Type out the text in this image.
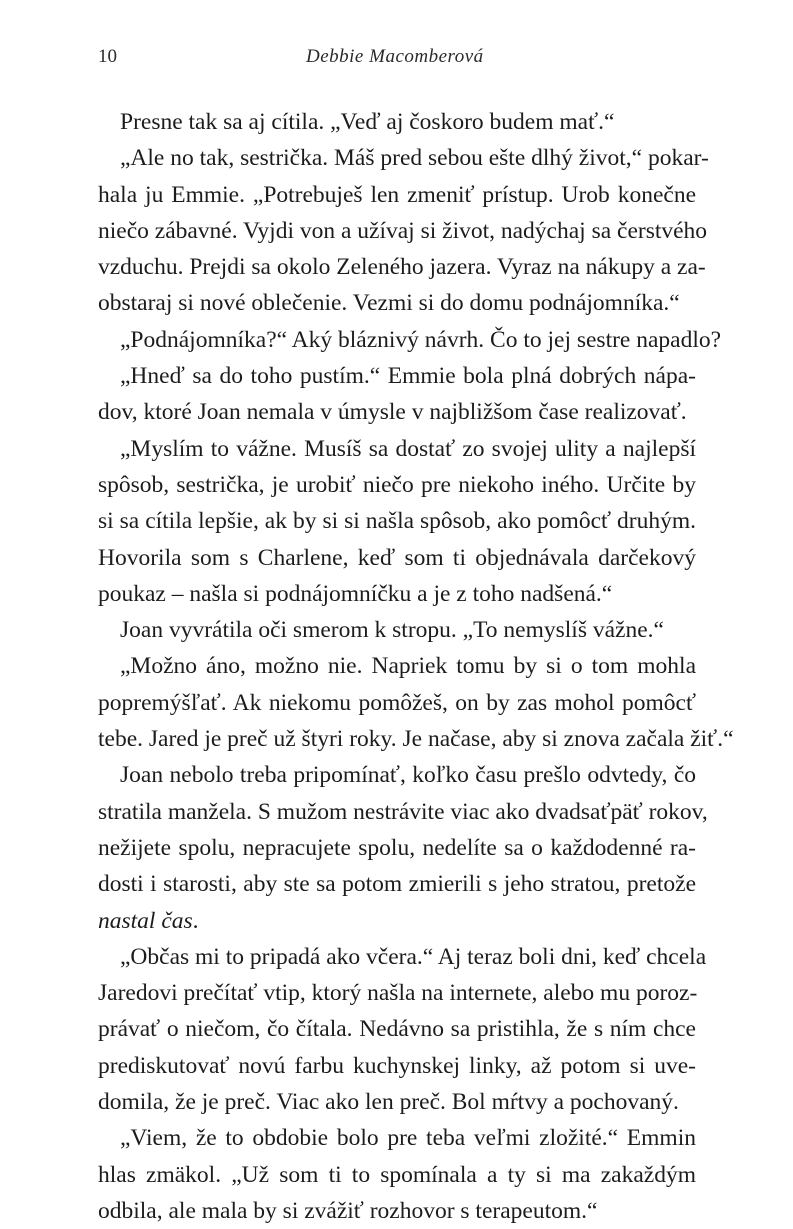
10	Debbie Macomberová
Presne tak sa aj cítila. „Veď aj čoskoro budem mať.“
„Ale no tak, sestrička. Máš pred sebou ešte dlhý život,“ pokar-
hala ju Emmie. „Potrebuješ len zmeniť prístup. Urob konečne
niečo zábavné. Vyjdi von a užívaj si život, nadýchaj sa čerstvého
vzduchu. Prejdi sa okolo Zeleného jazera. Vyraz na nákupy a za-
obstaraj si nové oblečenie. Vezmi si do domu podnájomníka.“
„Podnájomníka?“ Aký bláznivý návrh. Čo to jej sestre napadlo?
„Hneď sa do toho pustím.“ Emmie bola plná dobrých nápa-
dov, ktoré Joan nemala v úmysle v najbližšom čase realizovať.
„Myslím to vážne. Musíš sa dostať zo svojej ulity a najlepší
spôsob, sestrička, je urobiť niečo pre niekoho iného. Určite by
si sa cítila lepšie, ak by si si našla spôsob, ako pomôcť druhým.
Hovorila som s Charlene, keď som ti objednávala darčekový
poukaz – našla si podnájomníčku a je z toho nadšená.“
Joan vyvrátila oči smerom k stropu. „To nemyslíš vážne.“
„Možno áno, možno nie. Napriek tomu by si o tom mohla
popremýšľať. Ak niekomu pomôžeš, on by zas mohol pomôcť
tebe. Jared je preč už štyri roky. Je načase, aby si znova začala žiť.“
Joan nebolo treba pripomínať, koľko času prešlo odvtedy, čo
stratila manžela. S mužom nestrávite viac ako dvadsaťpäť rokov,
nežijete spolu, nepracujete spolu, nedelíte sa o každodenné ra-
dosti i starosti, aby ste sa potom zmierili s jeho stratou, pretože
nastal čas.
„Občas mi to pripadá ako včera.“ Aj teraz boli dni, keď chcela
Jaredovi prečítať vtip, ktorý našla na internete, alebo mu poroz-
právať o niečom, čo čítala. Nedávno sa pristihla, že s ním chce
prediskutovať novú farbu kuchynskej linky, až potom si uve-
domila, že je preč. Viac ako len preč. Bol mŕtvy a pochovaný.
„Viem, že to obdobie bolo pre teba veľmi zložité.“ Emmin
hlas zmäkol. „Už som ti to spomínala a ty si ma zakaždým
odbila, ale mala by si zvážiť rozhovor s terapeutom.“
